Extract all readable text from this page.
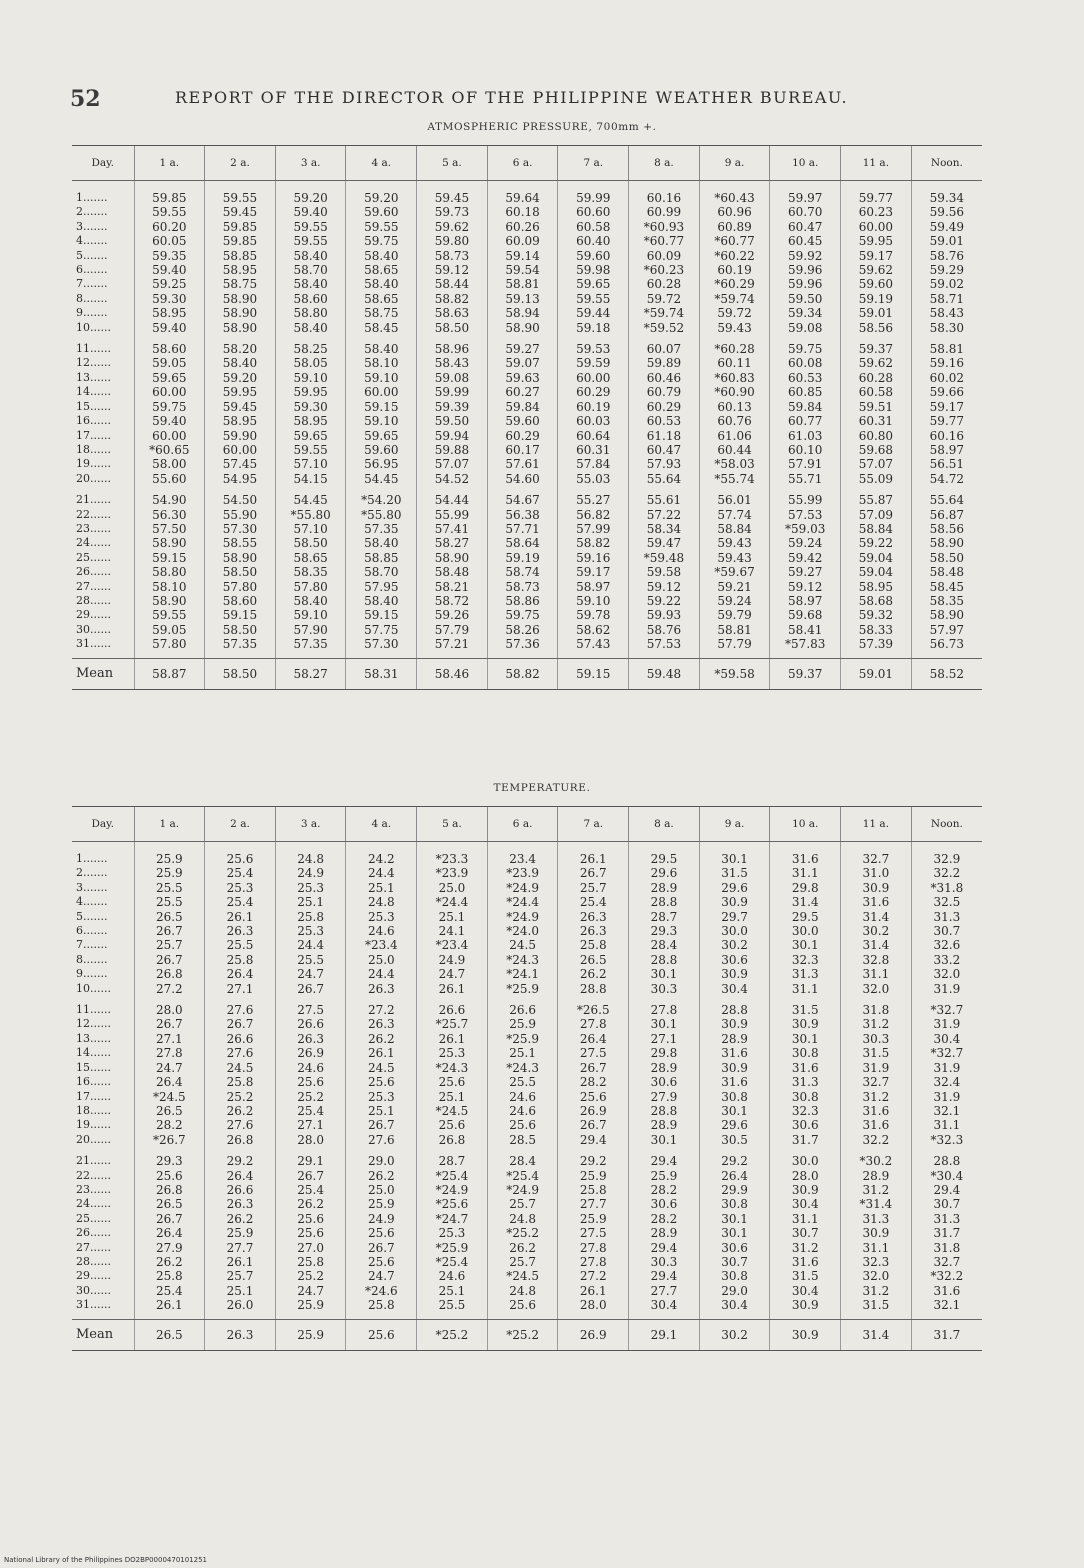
52	REPORT OF THE DIRECTOR OF THE PHILIPPINE WEATHER BUREAU.
ATMOSPHERIC PRESSURE, 700mm +.
Day.	1 a.	2 a.	3 a.	4 a.	5 a.	6 a.	7 a.	8 a.	9 a.	10 a.	11 a.	Noon.

1.......	59.85	59.55	59.20	59.20	59.45	59.64	59.99	60.16	*60.43	59.97	59.77	59.34
2.......	59.55	59.45	59.40	59.60	59.73	60.18	60.60	60.99	60.96	60.70	60.23	59.56
3.......	60.20	59.85	59.55	59.55	59.62	60.26	60.58	*60.93	60.89	60.47	60.00	59.49
4.......	60.05	59.85	59.55	59.75	59.80	60.09	60.40	*60.77	*60.77	60.45	59.95	59.01
5.......	59.35	58.85	58.40	58.40	58.73	59.14	59.60	60.09	*60.22	59.92	59.17	58.76
6.......	59.40	58.95	58.70	58.65	59.12	59.54	59.98	*60.23	60.19	59.96	59.62	59.29
7.......	59.25	58.75	58.40	58.40	58.44	58.81	59.65	60.28	*60.29	59.96	59.60	59.02
8.......	59.30	58.90	58.60	58.65	58.82	59.13	59.55	59.72	*59.74	59.50	59.19	58.71
9.......	58.95	58.90	58.80	58.75	58.63	58.94	59.44	*59.74	59.72	59.34	59.01	58.43
10......	59.40	58.90	58.40	58.45	58.50	58.90	59.18	*59.52	59.43	59.08	58.56	58.30

11......	58.60	58.20	58.25	58.40	58.96	59.27	59.53	60.07	*60.28	59.75	59.37	58.81
12......	59.05	58.40	58.05	58.10	58.43	59.07	59.59	59.89	60.11	60.08	59.62	59.16
13......	59.65	59.20	59.10	59.10	59.08	59.63	60.00	60.46	*60.83	60.53	60.28	60.02
14......	60.00	59.95	59.95	60.00	59.99	60.27	60.29	60.79	*60.90	60.85	60.58	59.66
15......	59.75	59.45	59.30	59.15	59.39	59.84	60.19	60.29	60.13	59.84	59.51	59.17
16......	59.40	58.95	58.95	59.10	59.50	59.60	60.03	60.53	60.76	60.77	60.31	59.77
17......	60.00	59.90	59.65	59.65	59.94	60.29	60.64	61.18	61.06	61.03	60.80	60.16
18......	*60.65	60.00	59.55	59.60	59.88	60.17	60.31	60.47	60.44	60.10	59.68	58.97
19......	58.00	57.45	57.10	56.95	57.07	57.61	57.84	57.93	*58.03	57.91	57.07	56.51
20......	55.60	54.95	54.15	54.45	54.52	54.60	55.03	55.64	*55.74	55.71	55.09	54.72

21......	54.90	54.50	54.45	*54.20	54.44	54.67	55.27	55.61	56.01	55.99	55.87	55.64
22......	56.30	55.90	*55.80	*55.80	55.99	56.38	56.82	57.22	57.74	57.53	57.09	56.87
23......	57.50	57.30	57.10	57.35	57.41	57.71	57.99	58.34	58.84	*59.03	58.84	58.56
24......	58.90	58.55	58.50	58.40	58.27	58.64	58.82	59.47	59.43	59.24	59.22	58.90
25......	59.15	58.90	58.65	58.85	58.90	59.19	59.16	*59.48	59.43	59.42	59.04	58.50
26......	58.80	58.50	58.35	58.70	58.48	58.74	59.17	59.58	*59.67	59.27	59.04	58.48
27......	58.10	57.80	57.80	57.95	58.21	58.73	58.97	59.12	59.21	59.12	58.95	58.45
28......	58.90	58.60	58.40	58.40	58.72	58.86	59.10	59.22	59.24	58.97	58.68	58.35
29......	59.55	59.15	59.10	59.15	59.26	59.75	59.78	59.93	59.79	59.68	59.32	58.90
30......	59.05	58.50	57.90	57.75	57.79	58.26	58.62	58.76	58.81	58.41	58.33	57.97
31......	57.80	57.35	57.35	57.30	57.21	57.36	57.43	57.53	57.79	*57.83	57.39	56.73

Mean	58.87	58.50	58.27	58.31	58.46	58.82	59.15	59.48	*59.58	59.37	59.01	58.52
TEMPERATURE.
Day.	1 a.	2 a.	3 a.	4 a.	5 a.	6 a.	7 a.	8 a.	9 a.	10 a.	11 a.	Noon.

1.......	25.9	25.6	24.8	24.2	*23.3	23.4	26.1	29.5	30.1	31.6	32.7	32.9
2.......	25.9	25.4	24.9	24.4	*23.9	*23.9	26.7	29.6	31.5	31.1	31.0	32.2
3.......	25.5	25.3	25.3	25.1	25.0	*24.9	25.7	28.9	29.6	29.8	30.9	*31.8
4.......	25.5	25.4	25.1	24.8	*24.4	*24.4	25.4	28.8	30.9	31.4	31.6	32.5
5.......	26.5	26.1	25.8	25.3	25.1	*24.9	26.3	28.7	29.7	29.5	31.4	31.3
6.......	26.7	26.3	25.3	24.6	24.1	*24.0	26.3	29.3	30.0	30.0	30.2	30.7
7.......	25.7	25.5	24.4	*23.4	*23.4	24.5	25.8	28.4	30.2	30.1	31.4	32.6
8.......	26.7	25.8	25.5	25.0	24.9	*24.3	26.5	28.8	30.6	32.3	32.8	33.2
9.......	26.8	26.4	24.7	24.4	24.7	*24.1	26.2	30.1	30.9	31.3	31.1	32.0
10......	27.2	27.1	26.7	26.3	26.1	*25.9	28.8	30.3	30.4	31.1	32.0	31.9

11......	28.0	27.6	27.5	27.2	26.6	26.6	*26.5	27.8	28.8	31.5	31.8	*32.7
12......	26.7	26.7	26.6	26.3	*25.7	25.9	27.8	30.1	30.9	30.9	31.2	31.9
13......	27.1	26.6	26.3	26.2	26.1	*25.9	26.4	27.1	28.9	30.1	30.3	30.4
14......	27.8	27.6	26.9	26.1	25.3	25.1	27.5	29.8	31.6	30.8	31.5	*32.7
15......	24.7	24.5	24.6	24.5	*24.3	*24.3	26.7	28.9	30.9	31.6	31.9	31.9
16......	26.4	25.8	25.6	25.6	25.6	25.5	28.2	30.6	31.6	31.3	32.7	32.4
17......	*24.5	25.2	25.2	25.3	25.1	24.6	25.6	27.9	30.8	30.8	31.2	31.9
18......	26.5	26.2	25.4	25.1	*24.5	24.6	26.9	28.8	30.1	32.3	31.6	32.1
19......	28.2	27.6	27.1	26.7	25.6	25.6	26.7	28.9	29.6	30.6	31.6	31.1
20......	*26.7	26.8	28.0	27.6	26.8	28.5	29.4	30.1	30.5	31.7	32.2	*32.3

21......	29.3	29.2	29.1	29.0	28.7	28.4	29.2	29.4	29.2	30.0	*30.2	28.8
22......	25.6	26.4	26.7	26.2	*25.4	*25.4	25.9	25.9	26.4	28.0	28.9	*30.4
23......	26.8	26.6	25.4	25.0	*24.9	*24.9	25.8	28.2	29.9	30.9	31.2	29.4
24......	26.5	26.3	26.2	25.9	*25.6	25.7	27.7	30.6	30.8	30.4	*31.4	30.7
25......	26.7	26.2	25.6	24.9	*24.7	24.8	25.9	28.2	30.1	31.1	31.3	31.3
26......	26.4	25.9	25.6	25.6	25.3	*25.2	27.5	28.9	30.1	30.7	30.9	31.7
27......	27.9	27.7	27.0	26.7	*25.9	26.2	27.8	29.4	30.6	31.2	31.1	31.8
28......	26.2	26.1	25.8	25.6	*25.4	25.7	27.8	30.3	30.7	31.6	32.3	32.7
29......	25.8	25.7	25.2	24.7	24.6	*24.5	27.2	29.4	30.8	31.5	32.0	*32.2
30......	25.4	25.1	24.7	*24.6	25.1	24.8	26.1	27.7	29.0	30.4	31.2	31.6
31......	26.1	26.0	25.9	25.8	25.5	25.6	28.0	30.4	30.4	30.9	31.5	32.1

Mean	26.5	26.3	25.9	25.6	*25.2	*25.2	26.9	29.1	30.2	30.9	31.4	31.7
National Library of the Philippines DO2BP0000470101251
